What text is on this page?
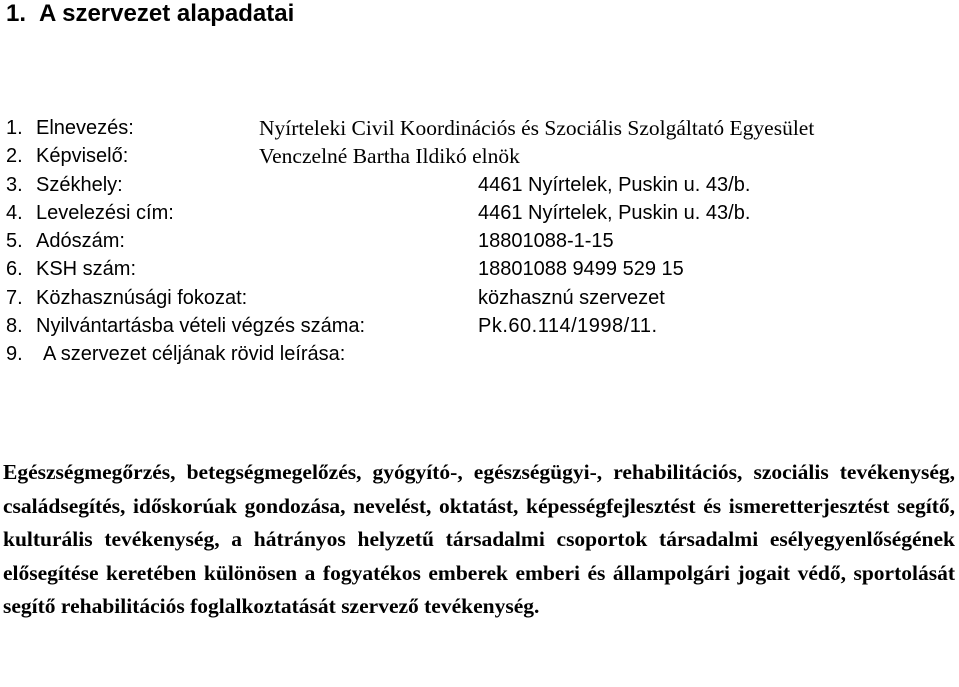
1. A szervezet alapadatai
1. Elnevezés:	Nyírteleki Civil Koordinációs és Szociális Szolgáltató Egyesület
2. Képviselő:	Venczelné Bartha Ildikó elnök
3. Székhely:	4461 Nyírtelek, Puskin u. 43/b.
4. Levelezési cím:	4461 Nyírtelek, Puskin u. 43/b.
5. Adószám:	18801088-1-15
6. KSH szám:	18801088 9499 529 15
7. Közhasznúsági fokozat:	közhasznú szervezet
8. Nyilvántartásba vételi végzés száma:	Pk.60.114/1998/11.
9. A szervezet céljának rövid leírása:

Egészségmegőrzés, betegségmegelőzés, gyógyító-, egészségügyi-, rehabilitációs, szociális tevékenység, családsegítés, időskorúak gondozása, nevelést, oktatást, képességfejlesztést és ismeretterjesztést segítő, kulturális tevékenység, a hátrányos helyzetű társadalmi csoportok társadalmi esélyegyenlőségének elősegítése keretében különösen a fogyatékos emberek emberi és állampolgári jogait védő, sportolását segítő rehabilitációs foglalkoztatását szervező tevékenység.
